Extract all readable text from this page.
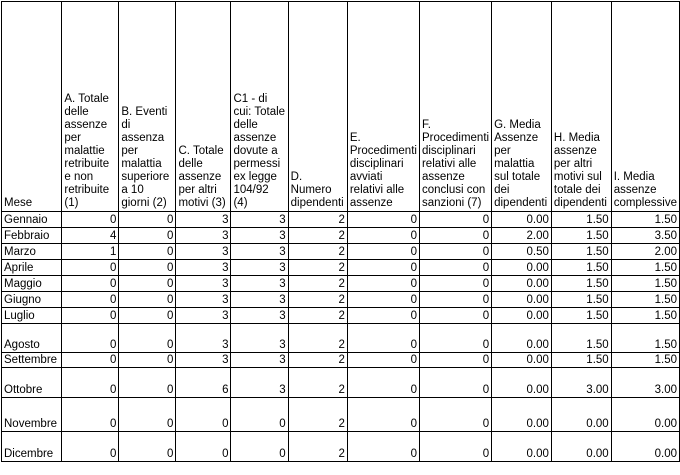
Mese	A. Totale delle assenze per malattie retribuite e non retribuite (1)	B. Eventi di assenza per malattia superiore a 10 giorni (2)	C. Totale delle assenze per altri motivi (3)	C1 - di cui: Totale delle assenze dovute a permessi ex legge 104/92 (4)	D. Numero dipendenti	E. Procedimenti disciplinari avviati relativi alle assenze	F. Procedimenti disciplinari relativi alle assenze conclusi con sanzioni (7)	G. Media Assenze per malattia sul totale dei dipendenti	H. Media assenze per altri motivi sul totale dei dipendenti	I. Media assenze complessive

Gennaio	0	0	3	3	2	0	0	0.00	1.50	1.50
Febbraio	4	0	3	3	2	0	0	2.00	1.50	3.50
Marzo	1	0	3	3	2	0	0	0.50	1.50	2.00
Aprile	0	0	3	3	2	0	0	0.00	1.50	1.50
Maggio	0	0	3	3	2	0	0	0.00	1.50	1.50
Giugno	0	0	3	3	2	0	0	0.00	1.50	1.50
Luglio	0	0	3	3	2	0	0	0.00	1.50	1.50
Agosto	0	0	3	3	2	0	0	0.00	1.50	1.50
Settembre	0	0	3	3	2	0	0	0.00	1.50	1.50
Ottobre	0	0	6	3	2	0	0	0.00	3.00	3.00
Novembre	0	0	0	0	2	0	0	0.00	0.00	0.00
Dicembre	0	0	0	0	2	0	0	0.00	0.00	0.00
